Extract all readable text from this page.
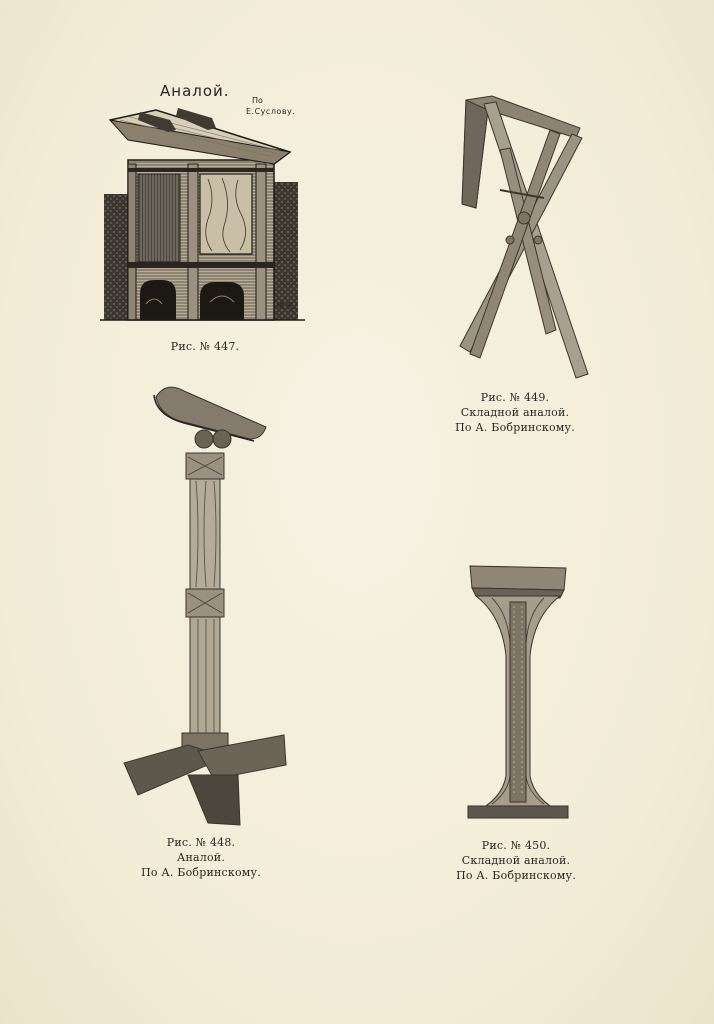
Аналой.
По
Е.Суслову.
М.К.
Рис. № 447.
Рис. № 449.
Складной аналой.
По А. Бобринскому.
Рис. № 448.
Аналой.
По А. Бобринскому.
Рис. № 450.
Складной аналой.
По А. Бобринскому.
